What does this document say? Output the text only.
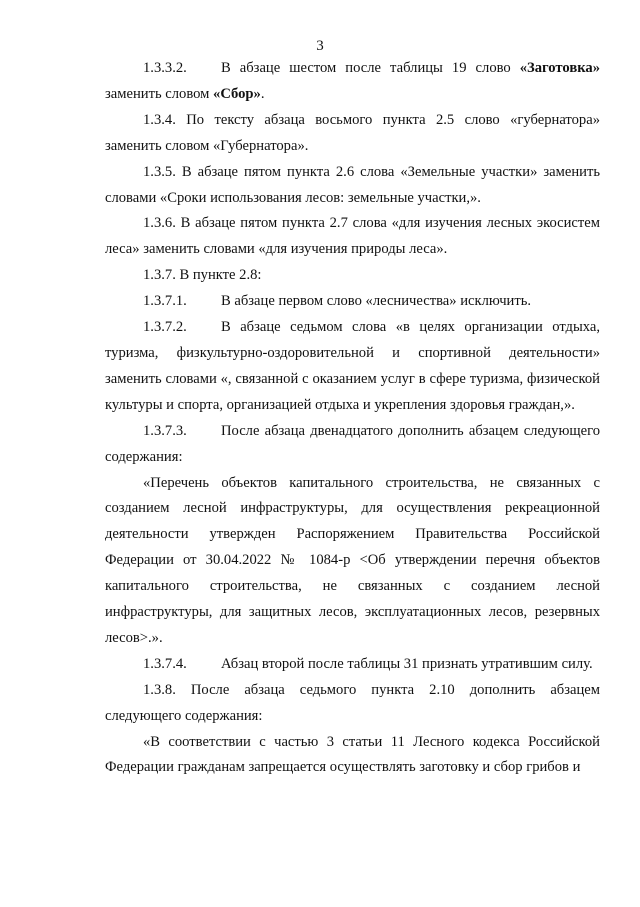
3

1.3.3.2. В абзаце шестом после таблицы 19 слово «Заготовка» заменить словом «Сбор».

1.3.4. По тексту абзаца восьмого пункта 2.5 слово «губернатора» заменить словом «Губернатора».

1.3.5. В абзаце пятом пункта 2.6 слова «Земельные участки» заменить словами «Сроки использования лесов: земельные участки,».

1.3.6. В абзаце пятом пункта 2.7 слова «для изучения лесных экосистем леса» заменить словами «для изучения природы леса».

1.3.7. В пункте 2.8:

1.3.7.1. В абзаце первом слово «лесничества» исключить.

1.3.7.2. В абзаце седьмом слова «в целях организации отдыха, туризма, физкультурно-оздоровительной и спортивной деятельности» заменить словами «, связанной с оказанием услуг в сфере туризма, физической культуры и спорта, организацией отдыха и укрепления здоровья граждан,».

1.3.7.3. После абзаца двенадцатого дополнить абзацем следующего содержания:

«Перечень объектов капитального строительства, не связанных с созданием лесной инфраструктуры, для осуществления рекреационной деятельности утвержден Распоряжением Правительства Российской Федерации от 30.04.2022 № 1084-р <Об утверждении перечня объектов капитального строительства, не связанных с созданием лесной инфраструктуры, для защитных лесов, эксплуатационных лесов, резервных лесов>.».

1.3.7.4. Абзац второй после таблицы 31 признать утратившим силу.

1.3.8. После абзаца седьмого пункта 2.10 дополнить абзацем следующего содержания:

«В соответствии с частью 3 статьи 11 Лесного кодекса Российской Федерации гражданам запрещается осуществлять заготовку и сбор грибов и
